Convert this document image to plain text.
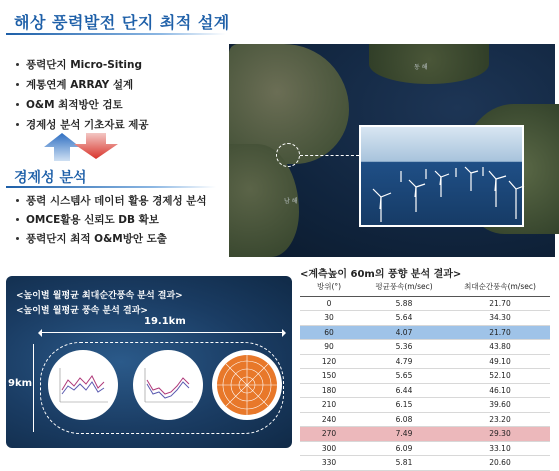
해상 풍력발전 단지 최적 설계
풍력단지 Micro-Siting
계통연계 ARRAY 설계
O&M 최적방안 검토
경제성 분석 기초자료 제공
경제성 분석
풍력 시스템사 데이터 활용 경제성 분석
OMCE활용 신뢰도 DB 확보
풍력단지 최적 O&M방안 도출
동 해
남 해
<높이별 월평균 최대순간풍속 분석 결과>
<높이별 월평균 풍속 분석 결과>
19.1km
9km
<계측높이 60m의 풍향 분석 결과>
방위(°)	평균풍속(m/sec)	최대순간풍속(m/sec)
0	5.88	21.70
30	5.64	34.30
60	4.07	21.70
90	5.36	43.80
120	4.79	49.10
150	5.65	52.10
180	6.44	46.10
210	6.15	39.60
240	6.08	23.20
270	7.49	29.30
300	6.09	33.10
330	5.81	20.60
